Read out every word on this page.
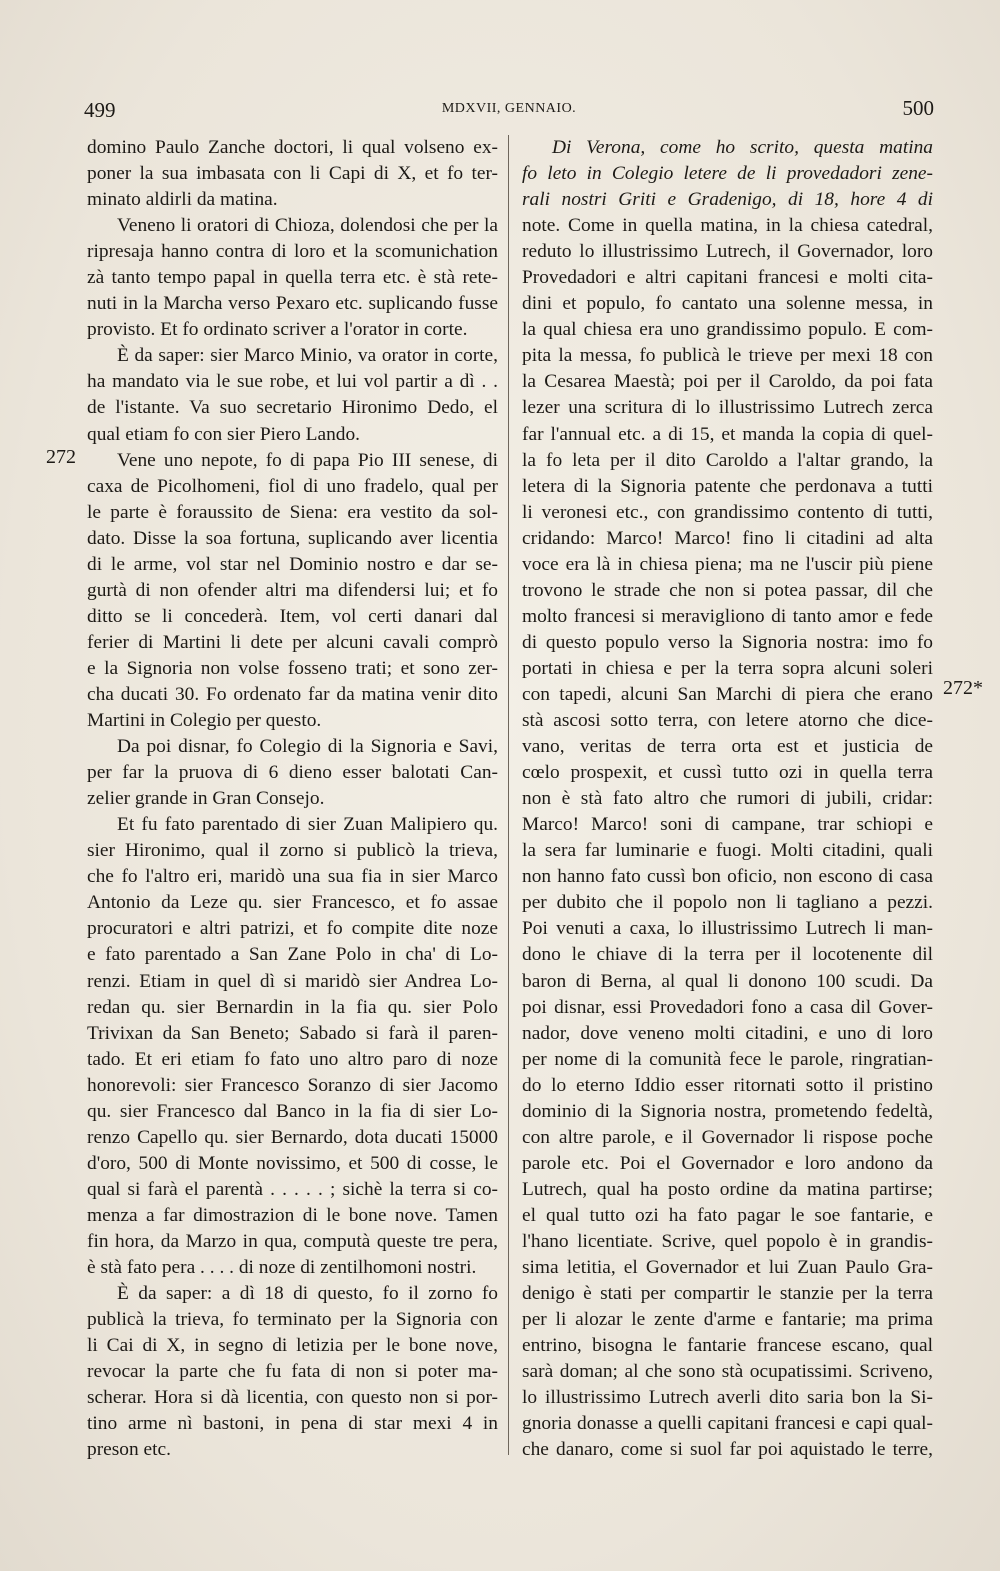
499	MDXVII, GENNAIO.	500
272
272*
domino Paulo Zanche doctori, li qual volseno ex-
poner la sua imbasata con li Capi di X, et fo ter-
minato aldirli da matina.
Veneno li oratori di Chioza, dolendosi che per la
ripresaja hanno contra di loro et la scomunichation
zà tanto tempo papal in quella terra etc. è stà rete-
nuti in la Marcha verso Pexaro etc. suplicando fusse
provisto. Et fo ordinato scriver a l'orator in corte.
È da saper: sier Marco Minio, va orator in corte,
ha mandato via le sue robe, et lui vol partir a dì . .
de l'istante. Va suo secretario Hironimo Dedo, el
qual etiam fo con sier Piero Lando.
Vene uno nepote, fo di papa Pio III senese, di
caxa de Picolhomeni, fiol di uno fradelo, qual per
le parte è foraussito de Siena: era vestito da sol-
dato. Disse la soa fortuna, suplicando aver licentia
di le arme, vol star nel Dominio nostro e dar se-
gurtà di non ofender altri ma difendersi lui; et fo
ditto se li concederà. Item, vol certi danari dal
ferier di Martini li dete per alcuni cavali comprò
e la Signoria non volse fosseno trati; et sono zer-
cha ducati 30. Fo ordenato far da matina venir dito
Martini in Colegio per questo.
Da poi disnar, fo Colegio di la Signoria e Savi,
per far la pruova di 6 dieno esser balotati Can-
zelier grande in Gran Consejo.
Et fu fato parentado di sier Zuan Malipiero qu.
sier Hironimo, qual il zorno si publicò la trieva,
che fo l'altro eri, maridò una sua fia in sier Marco
Antonio da Leze qu. sier Francesco, et fo assae
procuratori e altri patrizi, et fo compite dite noze
e fato parentado a San Zane Polo in cha' di Lo-
renzi. Etiam in quel dì si maridò sier Andrea Lo-
redan qu. sier Bernardin in la fia qu. sier Polo
Trivixan da San Beneto; Sabado si farà il paren-
tado. Et eri etiam fo fato uno altro paro di noze
honorevoli: sier Francesco Soranzo di sier Jacomo
qu. sier Francesco dal Banco in la fia di sier Lo-
renzo Capello qu. sier Bernardo, dota ducati 15000
d'oro, 500 di Monte novissimo, et 500 di cosse, le
qual si farà el parentà . . . . . ; sichè la terra si co-
menza a far dimostrazion di le bone nove. Tamen
fin hora, da Marzo in qua, computà queste tre pera,
è stà fato pera . . . . di noze di zentilhomoni nostri.
È da saper: a dì 18 di questo, fo il zorno fo
publicà la trieva, fo terminato per la Signoria con
li Cai di X, in segno di letizia per le bone nove,
revocar la parte che fu fata di non si poter ma-
scherar. Hora si dà licentia, con questo non si por-
tino arme nì bastoni, in pena di star mexi 4 in
preson etc.
Di Verona, come ho scrito, questa matina
fo leto in Colegio letere de li provedadori zene-
rali nostri Griti e Gradenigo, di 18, hore 4 di
note. Come in quella matina, in la chiesa catedral,
reduto lo illustrissimo Lutrech, il Governador, loro
Provedadori e altri capitani francesi e molti cita-
dini et populo, fo cantato una solenne messa, in
la qual chiesa era uno grandissimo populo. E com-
pita la messa, fo publicà le trieve per mexi 18 con
la Cesarea Maestà; poi per il Caroldo, da poi fata
lezer una scritura di lo illustrissimo Lutrech zerca
far l'annual etc. a di 15, et manda la copia di quel-
la fo leta per il dito Caroldo a l'altar grando, la
letera di la Signoria patente che perdonava a tutti
li veronesi etc., con grandissimo contento di tutti,
cridando: Marco! Marco! fino li citadini ad alta
voce era là in chiesa piena; ma ne l'uscir più piene
trovono le strade che non si potea passar, dil che
molto francesi si meravigliono di tanto amor e fede
di questo populo verso la Signoria nostra: imo fo
portati in chiesa e per la terra sopra alcuni soleri
con tapedi, alcuni San Marchi di piera che erano
stà ascosi sotto terra, con letere atorno che dice-
vano, veritas de terra orta est et justicia de
cœlo prospexit, et cussì tutto ozi in quella terra
non è stà fato altro che rumori di jubili, cridar:
Marco! Marco! soni di campane, trar schiopi e
la sera far luminarie e fuogi. Molti citadini, quali
non hanno fato cussì bon oficio, non escono di casa
per dubito che il popolo non li tagliano a pezzi.
Poi venuti a caxa, lo illustrissimo Lutrech li man-
dono le chiave di la terra per il locotenente dil
baron di Berna, al qual li donono 100 scudi. Da
poi disnar, essi Provedadori fono a casa dil Gover-
nador, dove veneno molti citadini, e uno di loro
per nome di la comunità fece le parole, ringratian-
do lo eterno Iddio esser ritornati sotto il pristino
dominio di la Signoria nostra, prometendo fedeltà,
con altre parole, e il Governador li rispose poche
parole etc. Poi el Governador e loro andono da
Lutrech, qual ha posto ordine da matina partirse;
el qual tutto ozi ha fato pagar le soe fantarie, e
l'hano licentiate. Scrive, quel popolo è in grandis-
sima letitia, el Governador et lui Zuan Paulo Gra-
denigo è stati per compartir le stanzie per la terra
per li alozar le zente d'arme e fantarie; ma prima
entrino, bisogna le fantarie francese escano, qual
sarà doman; al che sono stà ocupatissimi. Scriveno,
lo illustrissimo Lutrech averli dito saria bon la Si-
gnoria donasse a quelli capitani francesi e capi qual-
che danaro, come si suol far poi aquistado le terre,
